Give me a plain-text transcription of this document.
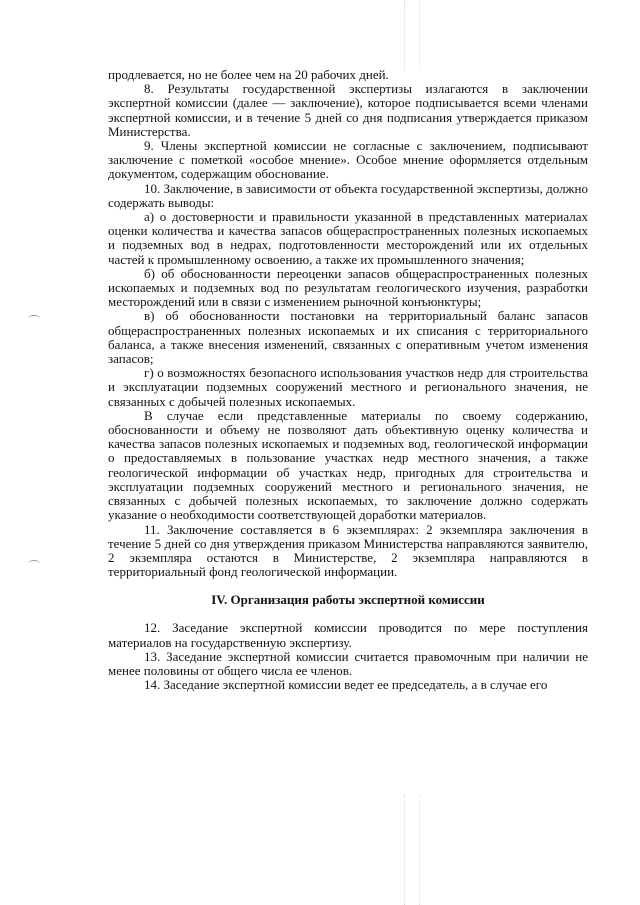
продлевается, но не более чем на 20 рабочих дней.

8. Результаты государственной экспертизы излагаются в заключении экспертной комиссии (далее — заключение), которое подписывается всеми членами экспертной комиссии, и в течение 5 дней со дня подписания утверждается приказом Министерства.

9. Члены экспертной комиссии не согласные с заключением, подписывают заключение с пометкой «особое мнение». Особое мнение оформляется отдельным документом, содержащим обоснование.

10. Заключение, в зависимости от объекта государственной экспертизы, должно содержать выводы:

а) о достоверности и правильности указанной в представленных материалах оценки количества и качества запасов общераспространенных полезных ископаемых и подземных вод в недрах, подготовленности месторождений или их отдельных частей к промышленному освоению, а также их промышленного значения;

б) об обоснованности переоценки запасов общераспространенных полезных ископаемых и подземных вод по результатам геологического изучения, разработки месторождений или в связи с изменением рыночной конъюнктуры;

в) об обоснованности постановки на территориальный баланс запасов общераспространенных полезных ископаемых и их списания с территориального баланса, а также внесения изменений, связанных с оперативным учетом изменения запасов;

г) о возможностях безопасного использования участков недр для строительства и эксплуатации подземных сооружений местного и регионального значения, не связанных с добычей полезных ископаемых.

В случае если представленные материалы по своему содержанию, обоснованности и объему не позволяют дать объективную оценку количества и качества запасов полезных ископаемых и подземных вод, геологической информации о предоставляемых в пользование участках недр местного значения, а также геологической информации об участках недр, пригодных для строительства и эксплуатации подземных сооружений местного и регионального значения, не связанных с добычей полезных ископаемых, то заключение должно содержать указание о необходимости соответствующей доработки материалов.

11. Заключение составляется в 6 экземплярах: 2 экземпляра заключения в течение 5 дней со дня утверждения приказом Министерства направляются заявителю, 2 экземпляра остаются в Министерстве, 2 экземпляра направляются в территориальный фонд геологической информации.

IV. Организация работы экспертной комиссии

12. Заседание экспертной комиссии проводится по мере поступления материалов на государственную экспертизу.

13. Заседание экспертной комиссии считается правомочным при наличии не менее половины от общего числа ее членов.

14. Заседание экспертной комиссии ведет ее председатель, а в случае его
